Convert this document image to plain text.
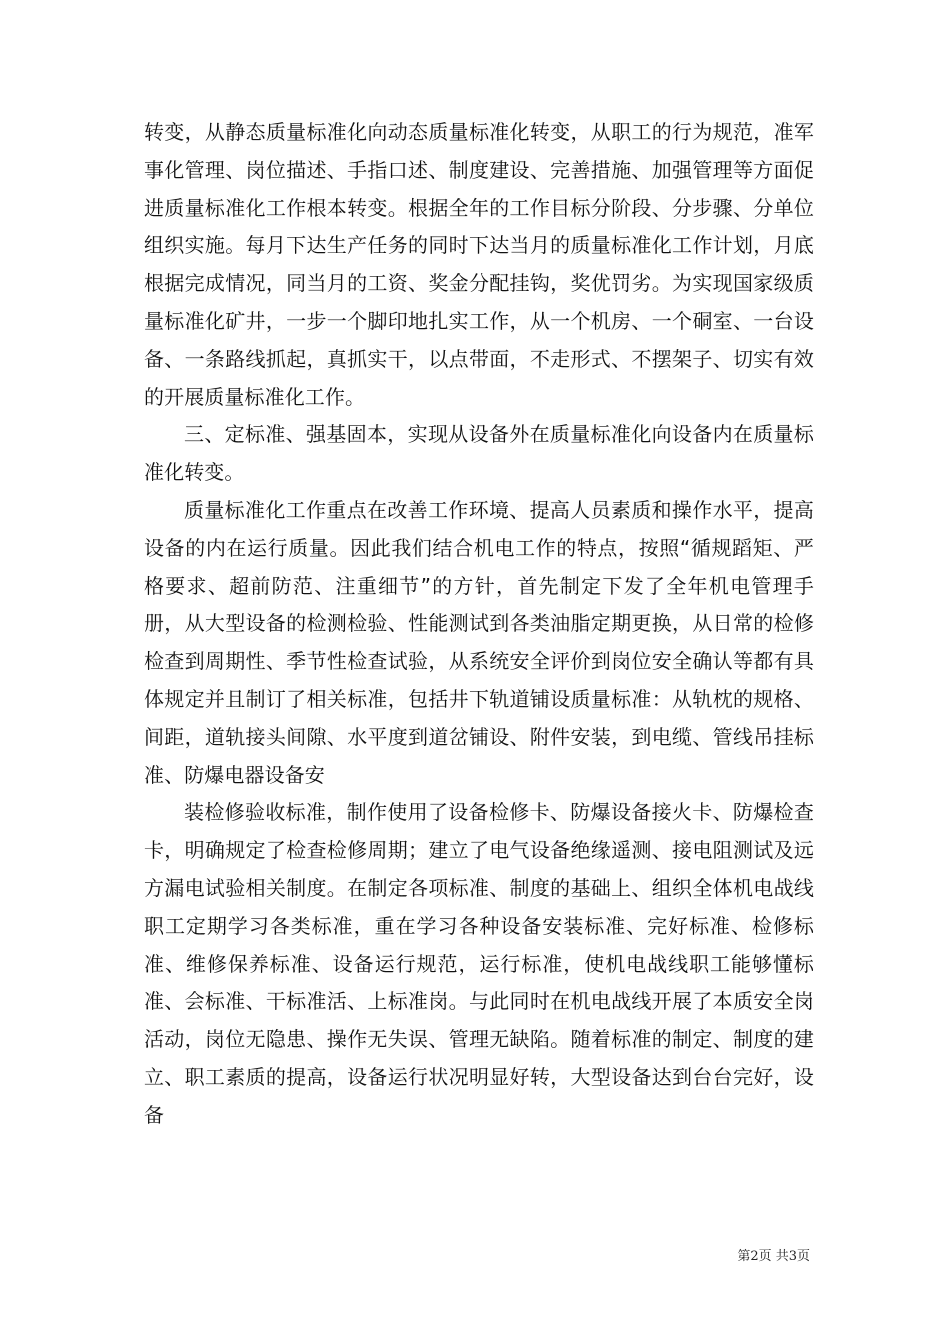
转变，从静态质量标准化向动态质量标准化转变，从职工的行为规范，准军事化管理、岗位描述、手指口述、制度建设、完善措施、加强管理等方面促进质量标准化工作根本转变。根据全年的工作目标分阶段、分步骤、分单位组织实施。每月下达生产任务的同时下达当月的质量标准化工作计划，月底根据完成情况，同当月的工资、奖金分配挂钩，奖优罚劣。为实现国家级质量标准化矿井，一步一个脚印地扎实工作，从一个机房、一个硐室、一台设备、一条路线抓起，真抓实干，以点带面，不走形式、不摆架子、切实有效的开展质量标准化工作。

三、定标准、强基固本，实现从设备外在质量标准化向设备内在质量标准化转变。

质量标准化工作重点在改善工作环境、提高人员素质和操作水平，提高设备的内在运行质量。因此我们结合机电工作的特点，按照“循规蹈矩、严格要求、超前防范、注重细节”的方针，首先制定下发了全年机电管理手册，从大型设备的检测检验、性能测试到各类油脂定期更换，从日常的检修检查到周期性、季节性检查试验，从系统安全评价到岗位安全确认等都有具体规定并且制订了相关标准，包括井下轨道铺设质量标准：从轨枕的规格、间距，道轨接头间隙、水平度到道岔铺设、附件安装，到电缆、管线吊挂标准、防爆电器设备安

装检修验收标准，制作使用了设备检修卡、防爆设备接火卡、防爆检查卡，明确规定了检查检修周期；建立了电气设备绝缘遥测、接电阻测试及远方漏电试验相关制度。在制定各项标准、制度的基础上、组织全体机电战线职工定期学习各类标准，重在学习各种设备安装标准、完好标准、检修标准、维修保养标准、设备运行规范，运行标准，使机电战线职工能够懂标准、会标准、干标准活、上标准岗。与此同时在机电战线开展了本质安全岗活动，岗位无隐患、操作无失误、管理无缺陷。随着标准的制定、制度的建立、职工素质的提高，设备运行状况明显好转，大型设备达到台台完好，设备

第2页 共3页
